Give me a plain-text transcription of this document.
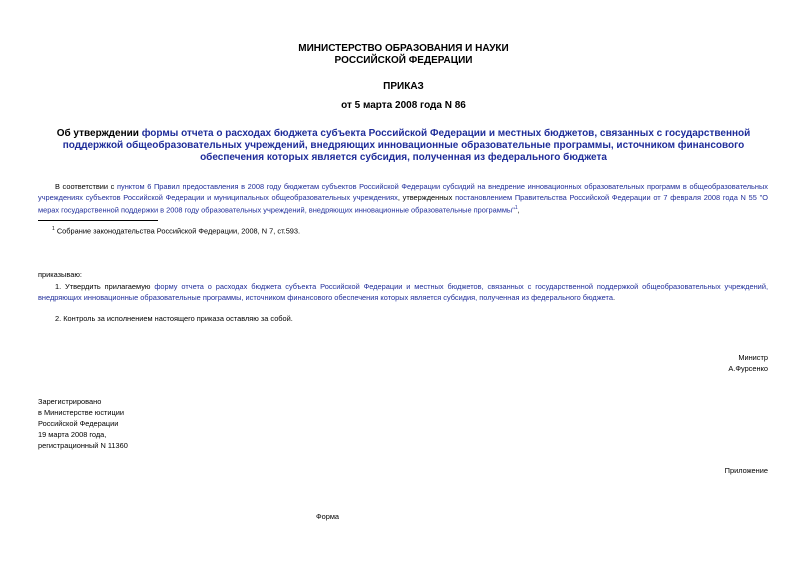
МИНИСТЕРСТВО ОБРАЗОВАНИЯ И НАУКИ
РОССИЙСКОЙ ФЕДЕРАЦИИ
ПРИКАЗ
от 5 марта 2008 года N 86
Об утверждении формы отчета о расходах бюджета субъекта Российской Федерации и местных бюджетов, связанных с государственной поддержкой общеобразовательных учреждений, внедряющих инновационные образовательные программы, источником финансового обеспечения которых является субсидия, полученная из федерального бюджета
В соответствии с пунктом 6 Правил предоставления в 2008 году бюджетам субъектов Российской Федерации субсидий на внедрение инновационных образовательных программ в общеобразовательных учреждениях субъектов Российской Федерации и муниципальных общеобразовательных учреждениях, утвержденных постановлением Правительства Российской Федерации от 7 февраля 2008 года N 55 "О мерах государственной поддержки в 2008 году образовательных учреждений, внедряющих инновационные образовательные программы"$^1$,
$^1$ Собрание законодательства Российской Федерации, 2008, N 7, ст.593.
приказываю:
1. Утвердить прилагаемую форму отчета о расходах бюджета субъекта Российской Федерации и местных бюджетов, связанных с государственной поддержкой общеобразовательных учреждений, внедряющих инновационные образовательные программы, источником финансового обеспечения которых является субсидия, полученная из федерального бюджета.
2. Контроль за исполнением настоящего приказа оставляю за собой.
Министр
А.Фурсенко
Зарегистрировано
в Министерстве юстиции
Российской Федерации
19 марта 2008 года,
регистрационный N 11360
Приложение
Форма
